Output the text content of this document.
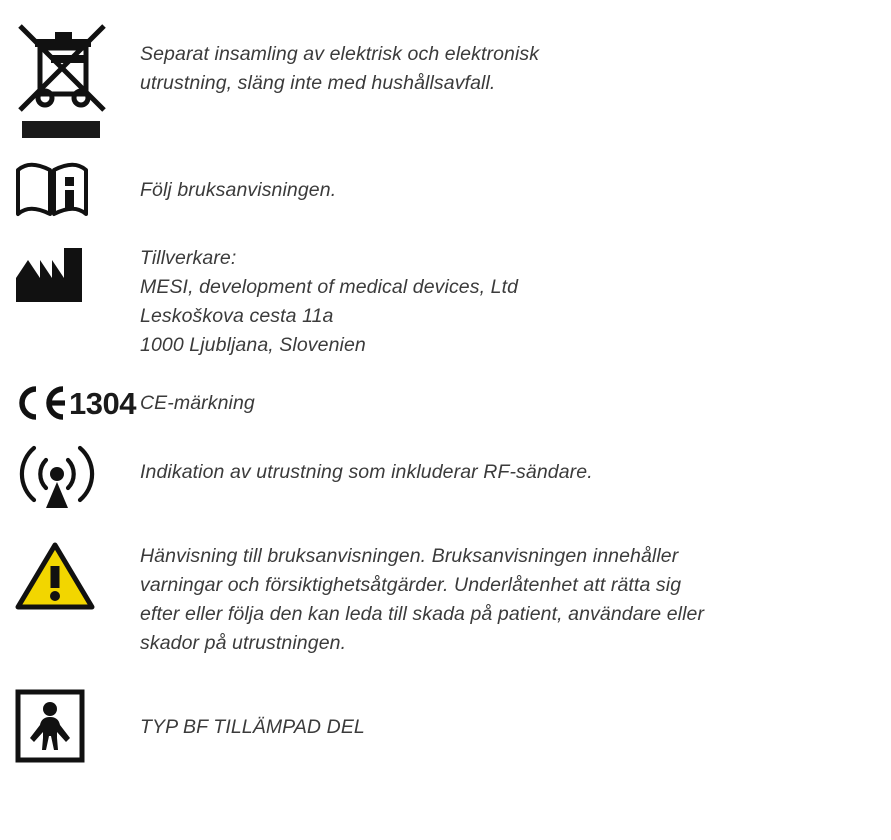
Separat insamling av elektrisk och elektronisk

utrustning, släng inte med hushållsavfall.

Följ bruksanvisningen.

Tillverkare:

MESI, development of medical devices, Ltd

Leskoškova cesta 11a

1000 Ljubljana, Slovenien

1304 CE-märkning

Indikation av utrustning som inkluderar RF-sändare.

Hänvisning till bruksanvisningen. Bruksanvisningen innehåller

varningar och försiktighetsåtgärder. Underlåtenhet att rätta sig

efter eller följa den kan leda till skada på patient, användare eller

skador på utrustningen.

TYP BF TILLÄMPAD DEL
